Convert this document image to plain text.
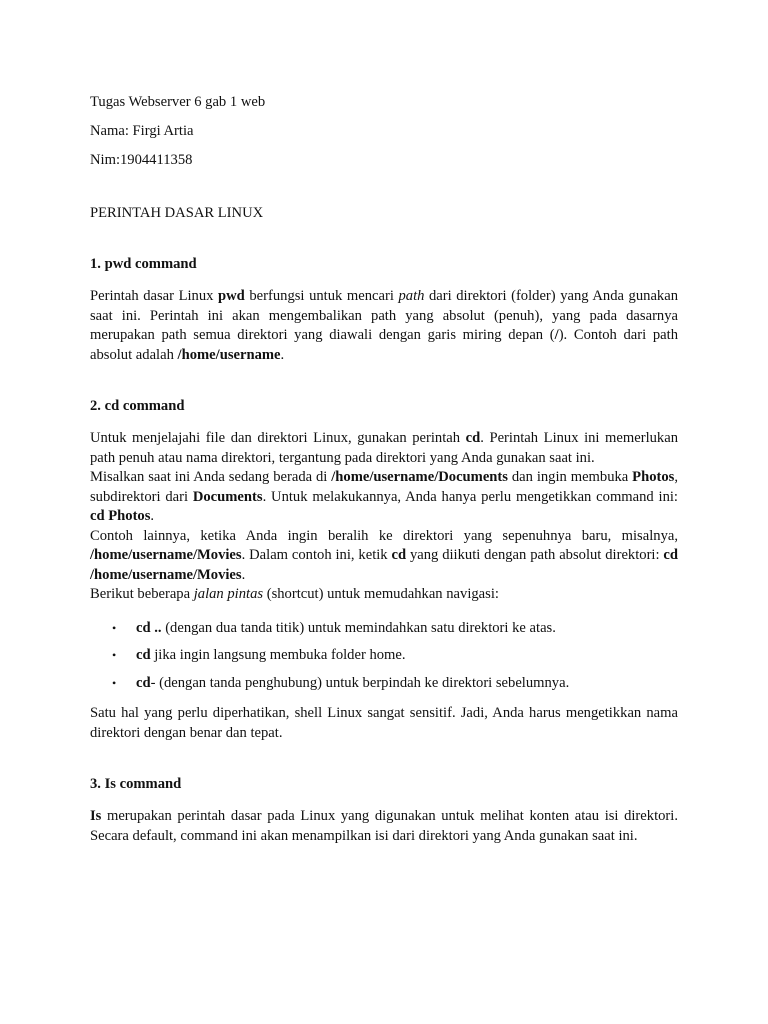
Tugas Webserver 6 gab 1 web

Nama: Firgi Artia

Nim:1904411358

PERINTAH DASAR LINUX

1. pwd command

Perintah dasar Linux pwd berfungsi untuk mencari path dari direktori (folder) yang Anda gunakan saat ini. Perintah ini akan mengembalikan path yang absolut (penuh), yang pada dasarnya merupakan path semua direktori yang diawali dengan garis miring depan (/). Contoh dari path absolut adalah /home/username.

2. cd command

Untuk menjelajahi file dan direktori Linux, gunakan perintah cd. Perintah Linux ini memerlukan path penuh atau nama direktori, tergantung pada direktori yang Anda gunakan saat ini.

Misalkan saat ini Anda sedang berada di /home/username/Documents dan ingin membuka Photos, subdirektori dari Documents. Untuk melakukannya, Anda hanya perlu mengetikkan command ini: cd Photos.

Contoh lainnya, ketika Anda ingin beralih ke direktori yang sepenuhnya baru, misalnya, /home/username/Movies. Dalam contoh ini, ketik cd yang diikuti dengan path absolut direktori: cd /home/username/Movies.

Berikut beberapa jalan pintas (shortcut) untuk memudahkan navigasi:

• cd .. (dengan dua tanda titik) untuk memindahkan satu direktori ke atas.
• cd jika ingin langsung membuka folder home.
• cd- (dengan tanda penghubung) untuk berpindah ke direktori sebelumnya.

Satu hal yang perlu diperhatikan, shell Linux sangat sensitif. Jadi, Anda harus mengetikkan nama direktori dengan benar dan tepat.

3. Is command

Is merupakan perintah dasar pada Linux yang digunakan untuk melihat konten atau isi direktori. Secara default, command ini akan menampilkan isi dari direktori yang Anda gunakan saat ini.
